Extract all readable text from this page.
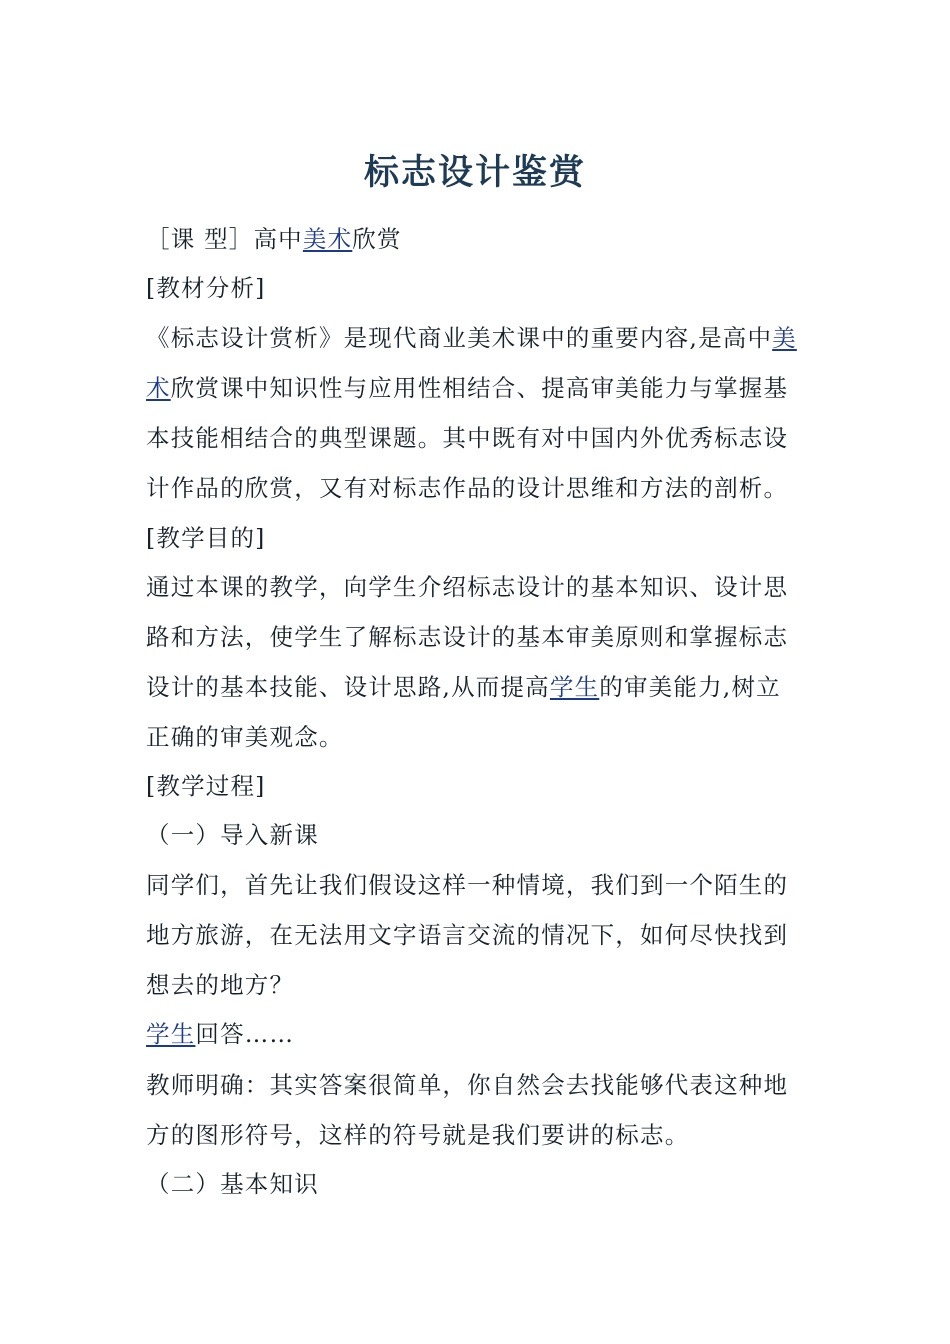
标志设计鉴赏
［课 型］高中美术欣赏
[教材分析]
《标志设计赏析》是现代商业美术课中的重要内容,是高中美
术欣赏课中知识性与应用性相结合、提高审美能力与掌握基
本技能相结合的典型课题。其中既有对中国内外优秀标志设
计作品的欣赏，又有对标志作品的设计思维和方法的剖析。
[教学目的]
通过本课的教学，向学生介绍标志设计的基本知识、设计思
路和方法，使学生了解标志设计的基本审美原则和掌握标志
设计的基本技能、设计思路,从而提高学生的审美能力,树立
正确的审美观念。
[教学过程]
（一）导入新课
同学们，首先让我们假设这样一种情境，我们到一个陌生的
地方旅游，在无法用文字语言交流的情况下，如何尽快找到
想去的地方？
学生回答……
教师明确：其实答案很简单，你自然会去找能够代表这种地
方的图形符号，这样的符号就是我们要讲的标志。
（二）基本知识
